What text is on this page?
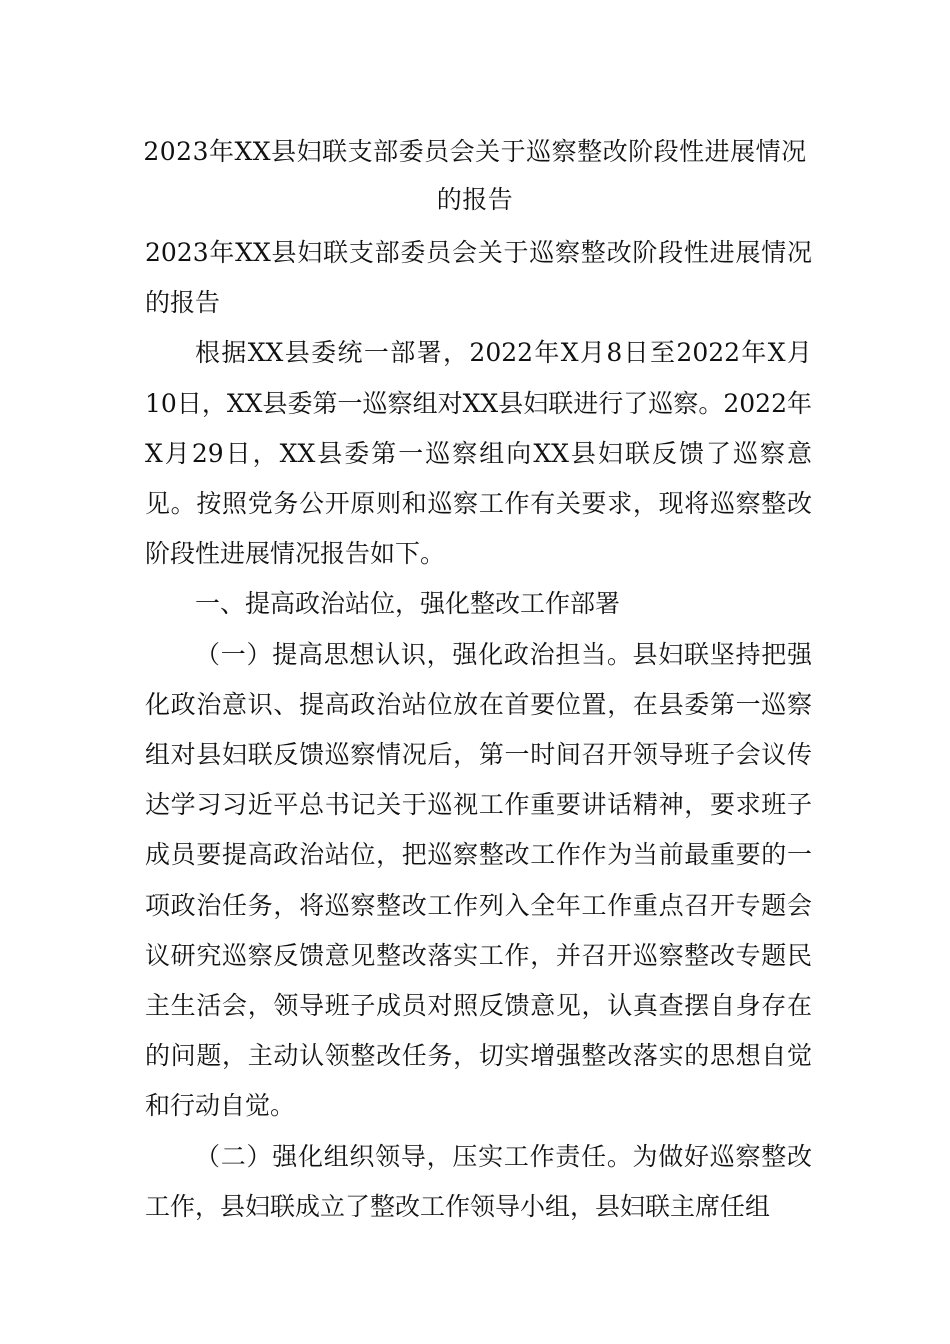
2023年XX县妇联支部委员会关于巡察整改阶段性进展情况的报告

2023年XX县妇联支部委员会关于巡察整改阶段性进展情况的报告

根据XX县委统一部署，2022年X月8日至2022年X月10日，XX县委第一巡察组对XX县妇联进行了巡察。2022年X月29日，XX县委第一巡察组向XX县妇联反馈了巡察意见。按照党务公开原则和巡察工作有关要求，现将巡察整改阶段性进展情况报告如下。

一、提高政治站位，强化整改工作部署

（一）提高思想认识，强化政治担当。县妇联坚持把强化政治意识、提高政治站位放在首要位置，在县委第一巡察组对县妇联反馈巡察情况后，第一时间召开领导班子会议传达学习习近平总书记关于巡视工作重要讲话精神，要求班子成员要提高政治站位，把巡察整改工作作为当前最重要的一项政治任务，将巡察整改工作列入全年工作重点召开专题会议研究巡察反馈意见整改落实工作，并召开巡察整改专题民主生活会，领导班子成员对照反馈意见，认真查摆自身存在的问题，主动认领整改任务，切实增强整改落实的思想自觉和行动自觉。

（二）强化组织领导，压实工作责任。为做好巡察整改工作，县妇联成立了整改工作领导小组，县妇联主席任组
